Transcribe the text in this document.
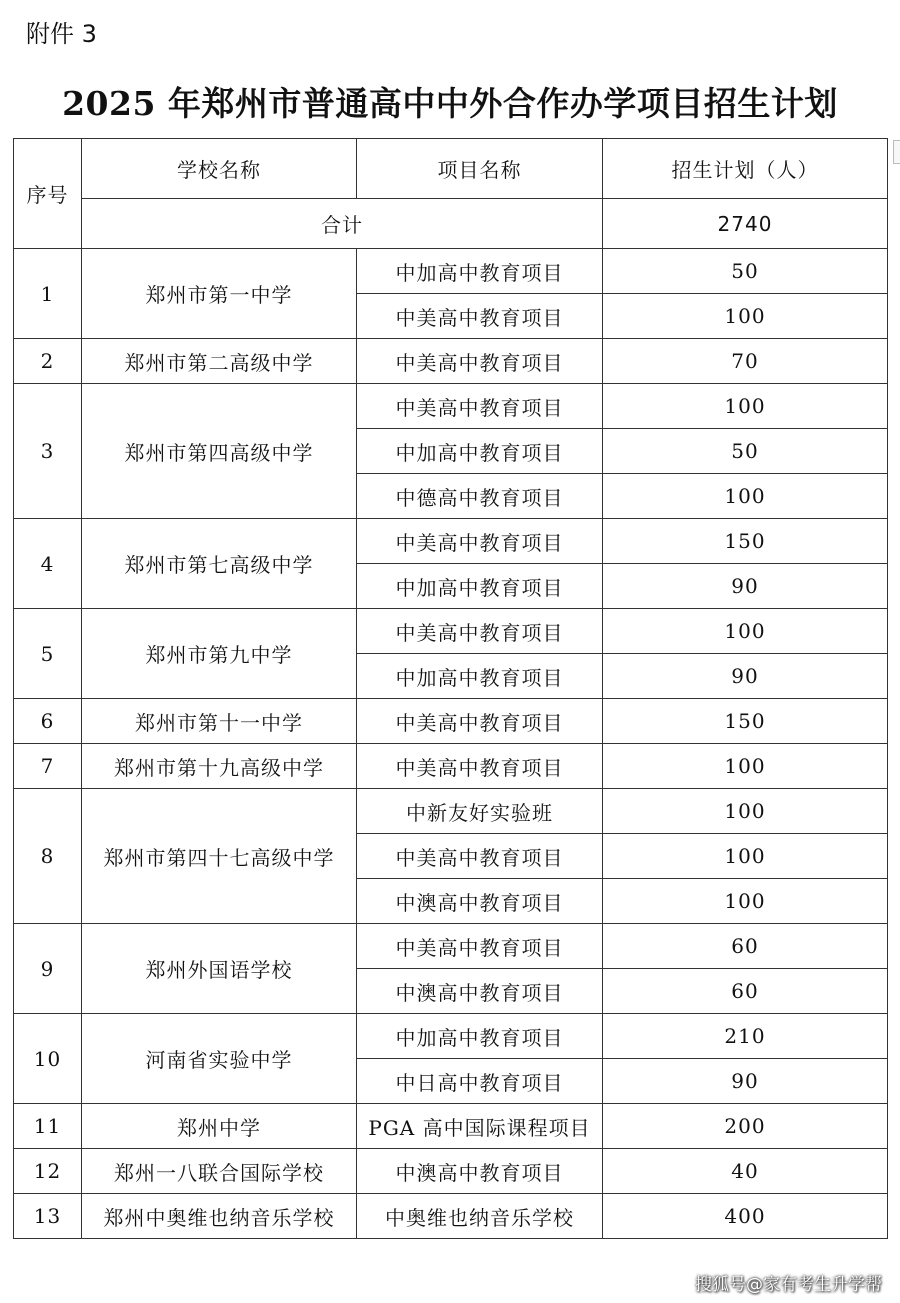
附件 3
2025 年郑州市普通高中中外合作办学项目招生计划
序号	学校名称	项目名称	招生计划（人）
	合计		2740
1	郑州市第一中学	中加高中教育项目	50
		中美高中教育项目	100
2	郑州市第二高级中学	中美高中教育项目	70
3	郑州市第四高级中学	中美高中教育项目	100
		中加高中教育项目	50
		中德高中教育项目	100
4	郑州市第七高级中学	中美高中教育项目	150
		中加高中教育项目	90
5	郑州市第九中学	中美高中教育项目	100
		中加高中教育项目	90
6	郑州市第十一中学	中美高中教育项目	150
7	郑州市第十九高级中学	中美高中教育项目	100
8	郑州市第四十七高级中学	中新友好实验班	100
		中美高中教育项目	100
		中澳高中教育项目	100
9	郑州外国语学校	中美高中教育项目	60
		中澳高中教育项目	60
10	河南省实验中学	中加高中教育项目	210
		中日高中教育项目	90
11	郑州中学	PGA 高中国际课程项目	200
12	郑州一八联合国际学校	中澳高中教育项目	40
13	郑州中奥维也纳音乐学校	中奥维也纳音乐学校	400
搜狐号@家有考生升学帮
